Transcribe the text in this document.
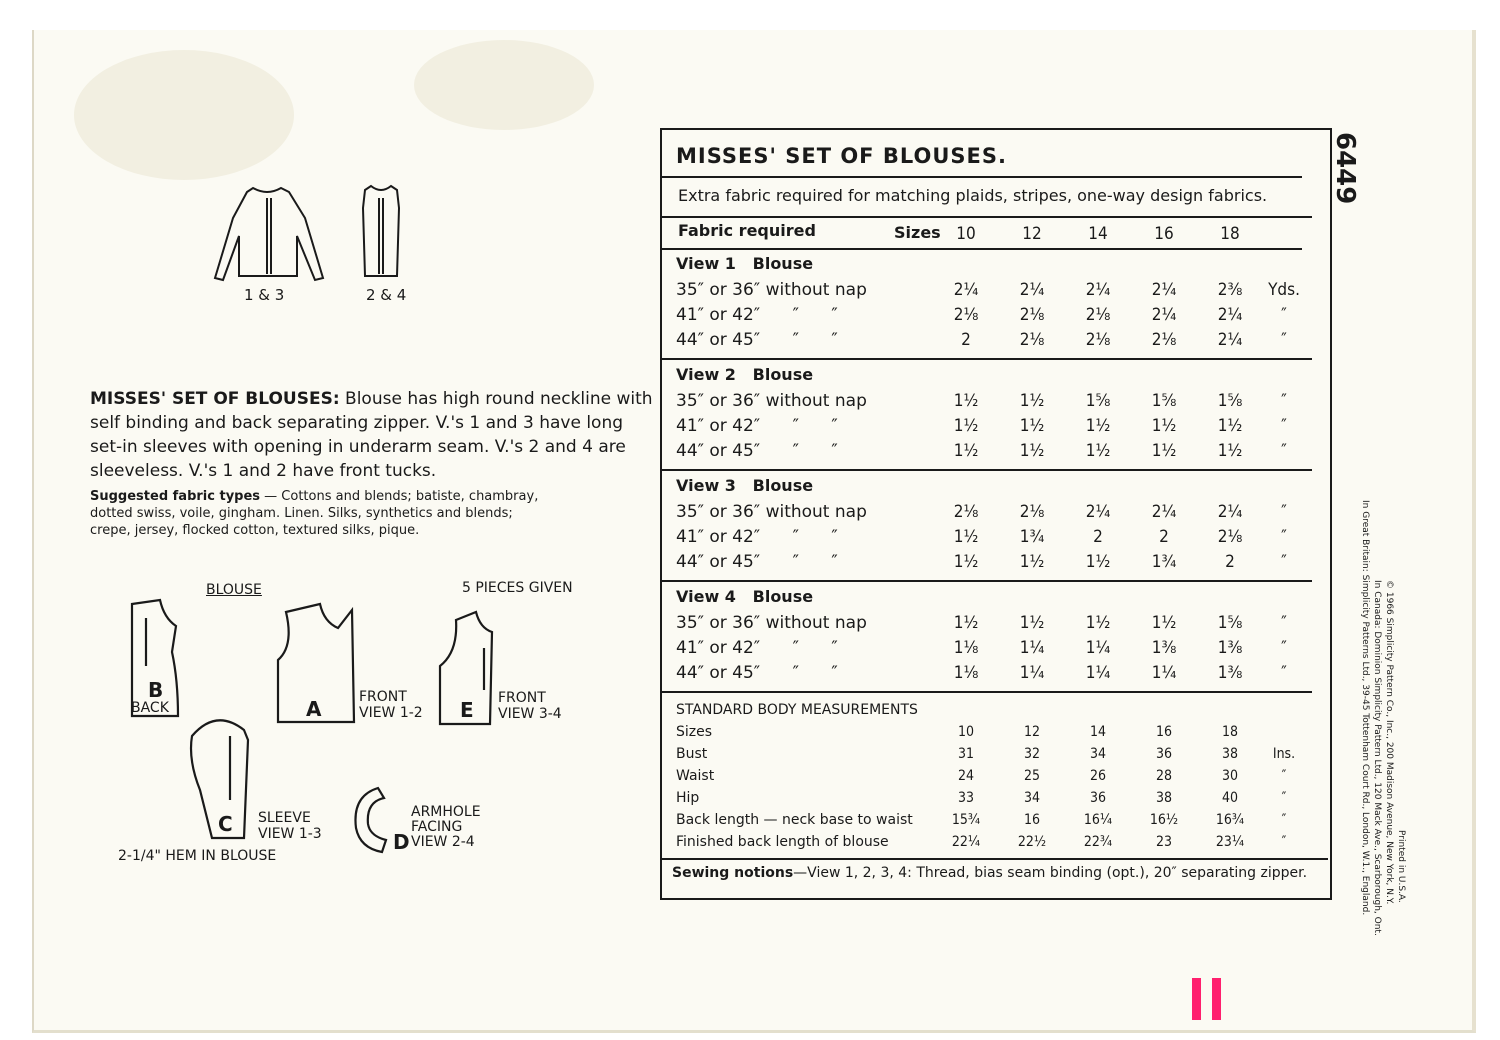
1 & 3	2 & 4
MISSES' SET OF BLOUSES: Blouse has high round neckline with
self binding and back separating zipper. V.'s 1 and 3 have long
set-in sleeves with opening in underarm seam. V.'s 2 and 4 are
sleeveless. V.'s 1 and 2 have front tucks.
Suggested fabric types — Cottons and blends; batiste, chambray,
dotted swiss, voile, gingham. Linen. Silks, synthetics and blends;
crepe, jersey, flocked cotton, textured silks, pique.
BLOUSE	5 PIECES GIVEN
B
BACK	A	FRONT
VIEW 1-2 E FRONT
VIEW 3-4
C SLEEVE
VIEW 1-3	D
ARMHOLE
FACING
VIEW 2-4
2-1/4" HEM IN BLOUSE
MISSES' SET OF BLOUSES.
Extra fabric required for matching plaids, stripes, one-way design fabrics.
Fabric required	Sizes 10	12	14	16	18
View 1   Blouse
35″ or 36″ without nap	2¼	2¼	2¼	2¼	2⅜	Yds.
41″ or 42″      ″      ″	2⅛	2⅛	2⅛	2¼	2¼	″
44″ or 45″      ″      ″	2	2⅛	2⅛	2⅛	2¼	″
View 2   Blouse
35″ or 36″ without nap	1½	1½	1⅝	1⅝	1⅝	″
41″ or 42″      ″      ″	1½	1½	1½	1½	1½	″
44″ or 45″      ″      ″	1½	1½	1½	1½	1½	″
View 3   Blouse
35″ or 36″ without nap	2⅛	2⅛	2¼	2¼	2¼	″
41″ or 42″      ″      ″	1½	1¾	2	2	2⅛	″
44″ or 45″      ″      ″	1½	1½	1½	1¾	2	″
View 4   Blouse
35″ or 36″ without nap	1½	1½	1½	1½	1⅝	″
41″ or 42″      ″      ″	1⅛	1¼	1¼	1⅜	1⅜	″
44″ or 45″      ″      ″	1⅛	1¼	1¼	1¼	1⅜	″
STANDARD BODY MEASUREMENTS
Sizes	10	12	14	16	18
Bust	31	32	34	36	38	Ins.
Waist	24	25	26	28	30	″
Hip	33	34	36	38	40	″
Back length — neck base to waist	15¾	16	16¼	16½	16¾	″
Finished back length of blouse	22¼	22½	22¾	23	23¼	″
Sewing notions—View 1, 2, 3, 4: Thread, bias seam binding (opt.), 20″ separating zipper.
6449
© 1966 Simplicity Pattern Co., Inc., 200 Madison Avenue, New York, N.Y.
In Canada: Dominion Simplicity Pattern Ltd., 120 Mack Ave., Scarborough, Ont.
In Great Britain: Simplicity Patterns Ltd., 39-45 Tottenham Court Rd., London, W.1., England.	Printed in U.S.A.
